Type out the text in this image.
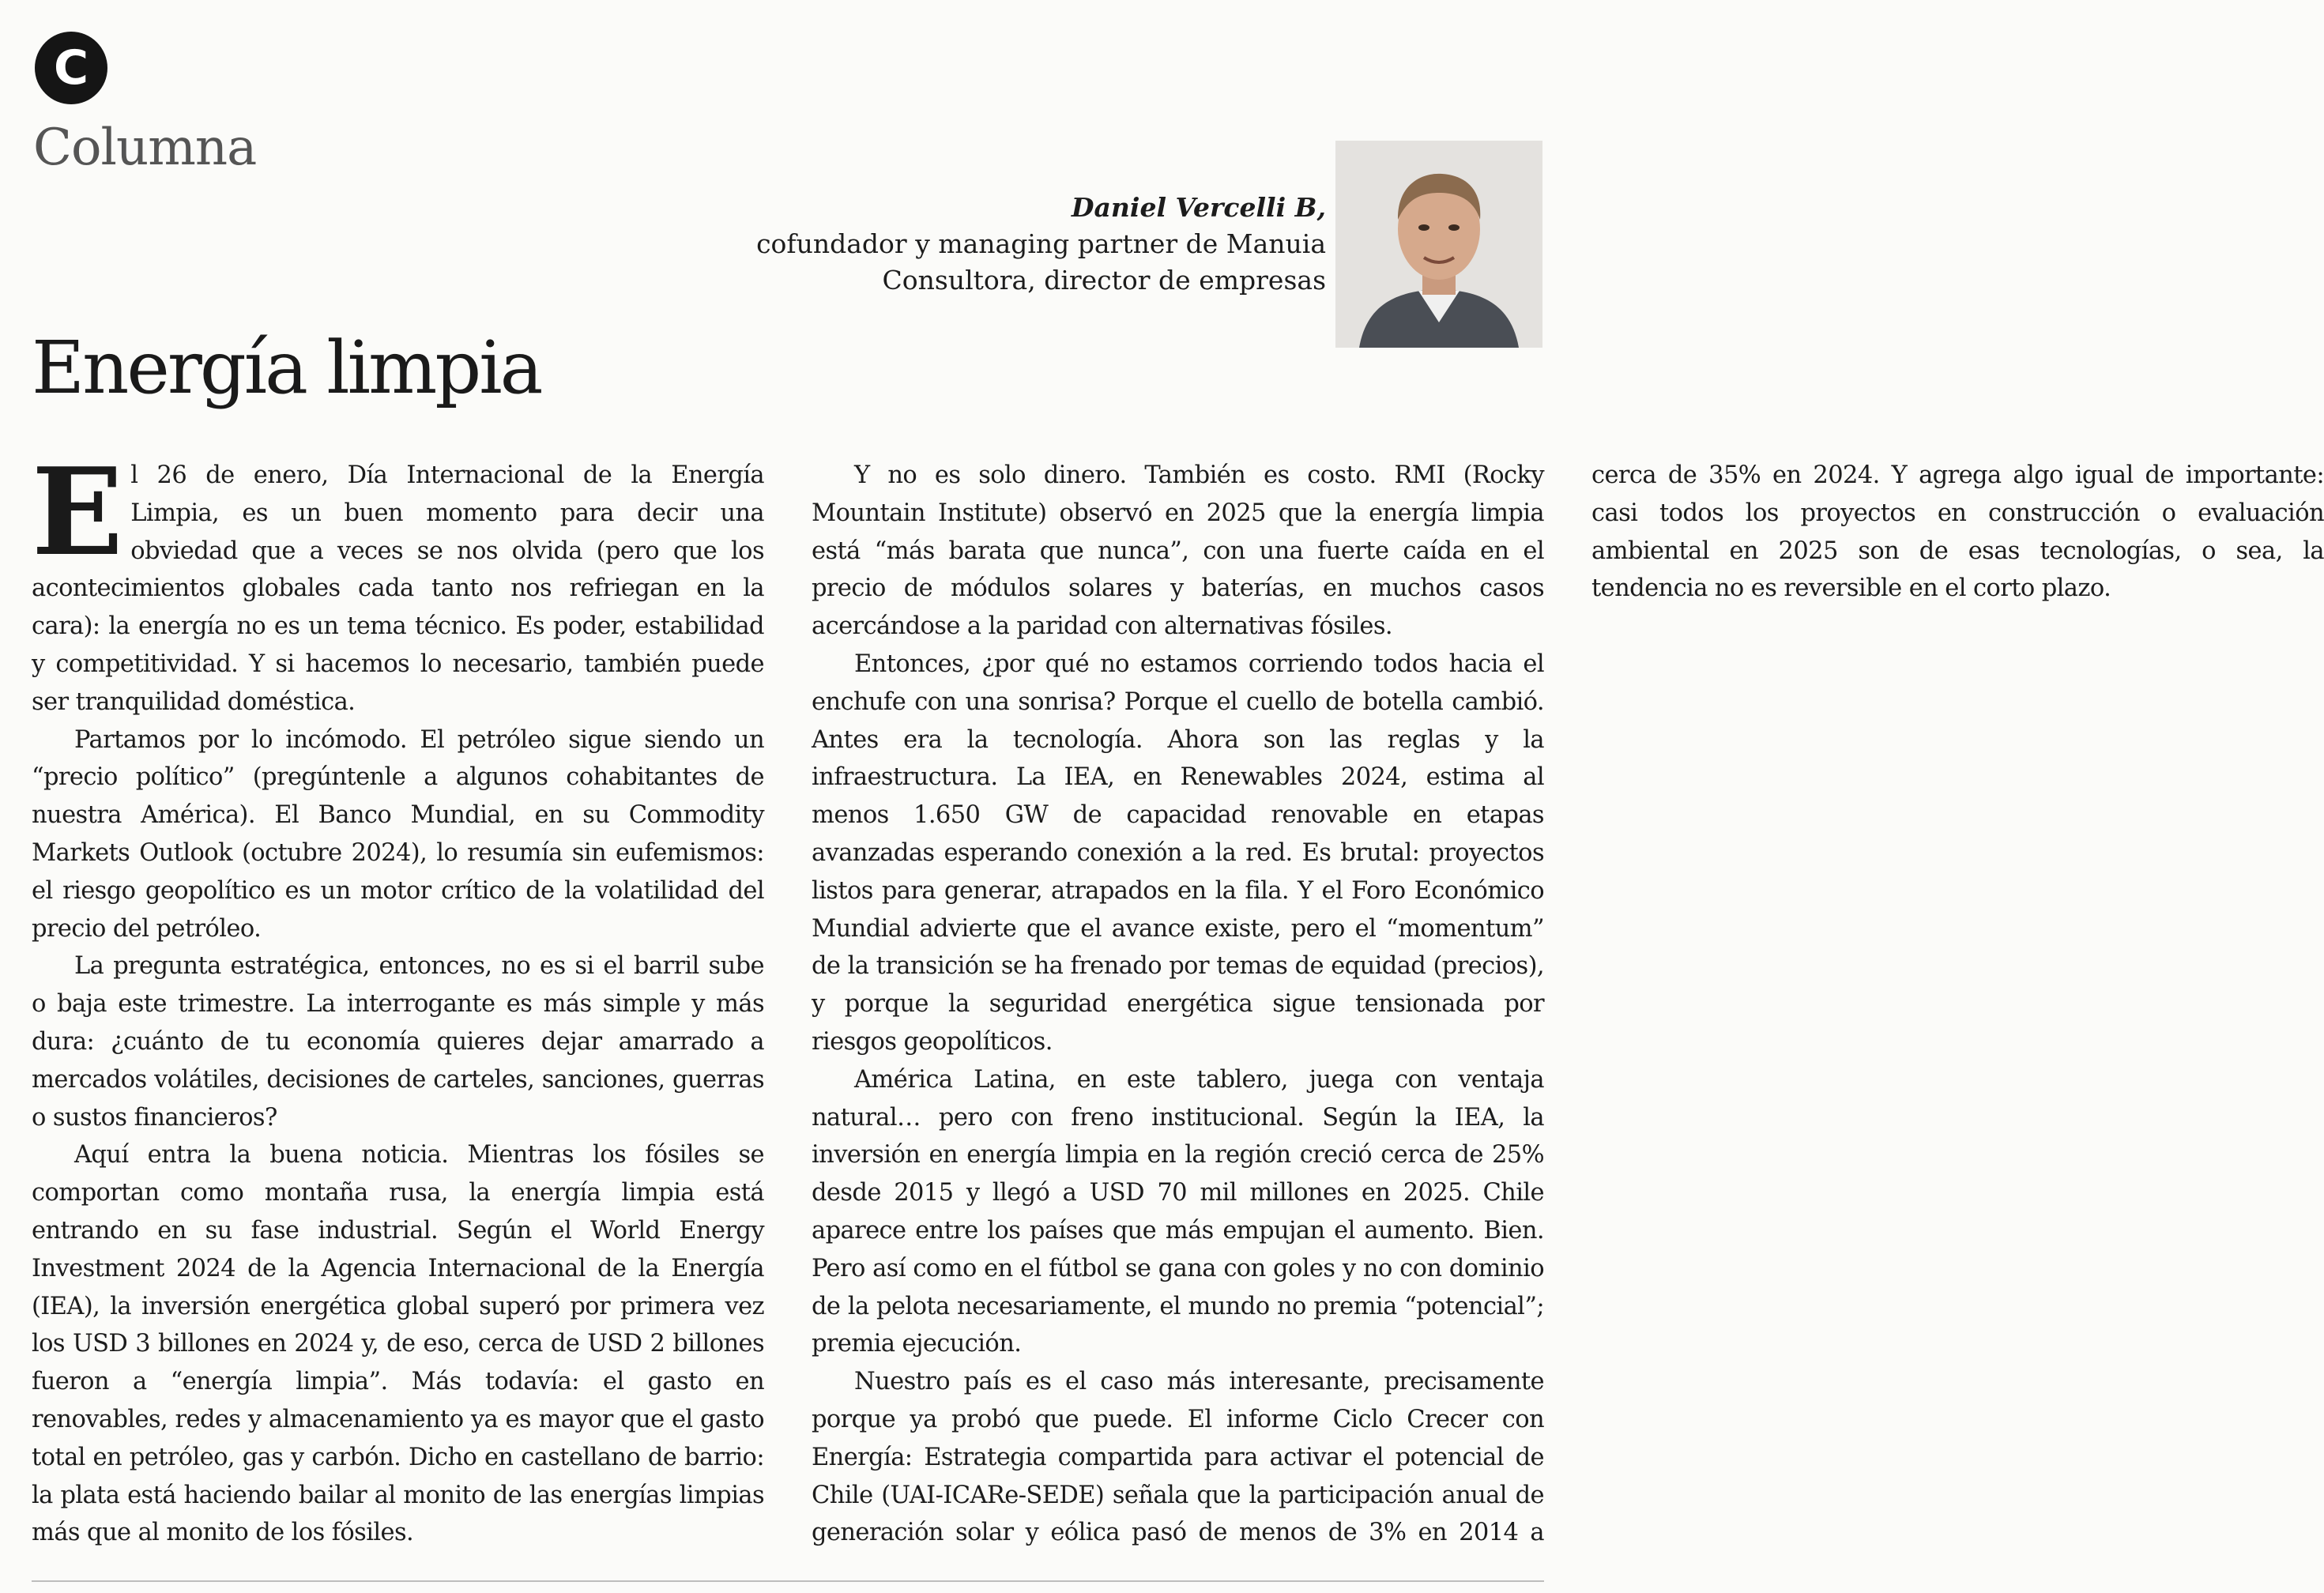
C
Columna
Daniel Vercelli B,
cofundador y managing partner de Manuia
Consultora, director de empresas
Energía limpia

El 26 de enero, Día Internacional de la Energía Limpia, es un buen momento para decir una obviedad que a veces se nos olvida (pero que los acontecimientos globales cada tanto nos refriegan en la cara): la energía no es un tema técnico. Es poder, estabilidad y competitividad. Y si hacemos lo necesario, también puede ser tranquilidad doméstica.

Partamos por lo incómodo. El petróleo sigue siendo un “precio político” (pregúntenle a algunos cohabitantes de nuestra América). El Banco Mundial, en su Commodity Markets Outlook (octubre 2024), lo resumía sin eufemismos: el riesgo geopolítico es un motor crítico de la volatilidad del precio del petróleo.

La pregunta estratégica, entonces, no es si el barril sube o baja este trimestre. La interrogante es más simple y más dura: ¿cuánto de tu economía quieres dejar amarrado a mercados volátiles, decisiones de carteles, sanciones, guerras o sustos financieros?

Aquí entra la buena noticia. Mientras los fósiles se comportan como montaña rusa, la energía limpia está entrando en su fase industrial. Según el World Energy Investment 2024 de la Agencia Internacional de la Energía (IEA), la inversión energética global superó por primera vez los USD 3 billones en 2024 y, de eso, cerca de USD 2 billones fueron a “energía limpia”. Más todavía: el gasto en renovables, redes y almacenamiento ya es mayor que el gasto total en petróleo, gas y carbón. Dicho en castellano de barrio: la plata está haciendo bailar al monito de las energías limpias más que al monito de los fósiles.

Y no es solo dinero. También es costo. RMI (Rocky Mountain Institute) observó en 2025 que la energía limpia está “más barata que nunca”, con una fuerte caída en el precio de módulos solares y baterías, en muchos casos acercándose a la paridad con alternativas fósiles.

Entonces, ¿por qué no estamos corriendo todos hacia el enchufe con una sonrisa? Porque el cuello de botella cambió. Antes era la tecnología. Ahora son las reglas y la infraestructura. La IEA, en Renewables 2024, estima al menos 1.650 GW de capacidad renovable en etapas avanzadas esperando conexión a la red. Es brutal: proyectos listos para generar, atrapados en la fila. Y el Foro Económico Mundial advierte que el avance existe, pero el “momentum” de la transición se ha frenado por temas de equidad (precios), y porque la seguridad energética sigue tensionada por riesgos geopolíticos.

América Latina, en este tablero, juega con ventaja natural… pero con freno institucional. Según la IEA, la inversión en energía limpia en la región creció cerca de 25% desde 2015 y llegó a USD 70 mil millones en 2025. Chile aparece entre los países que más empujan el aumento. Bien. Pero así como en el fútbol se gana con goles y no con dominio de la pelota necesariamente, el mundo no premia “potencial”; premia ejecución.

Nuestro país es el caso más interesante, precisamente porque ya probó que puede. El informe Ciclo Crecer con Energía: Estrategia compartida para activar el potencial de Chile (UAI-ICARe-SEDE) señala que la participación anual de generación solar y eólica pasó de menos de 3% en 2014 a cerca de 35% en 2024. Y agrega algo igual de importante: casi todos los proyectos en construcción o evaluación ambiental en 2025 son de esas tecnologías, o sea, la tendencia no es reversible en el corto plazo.
